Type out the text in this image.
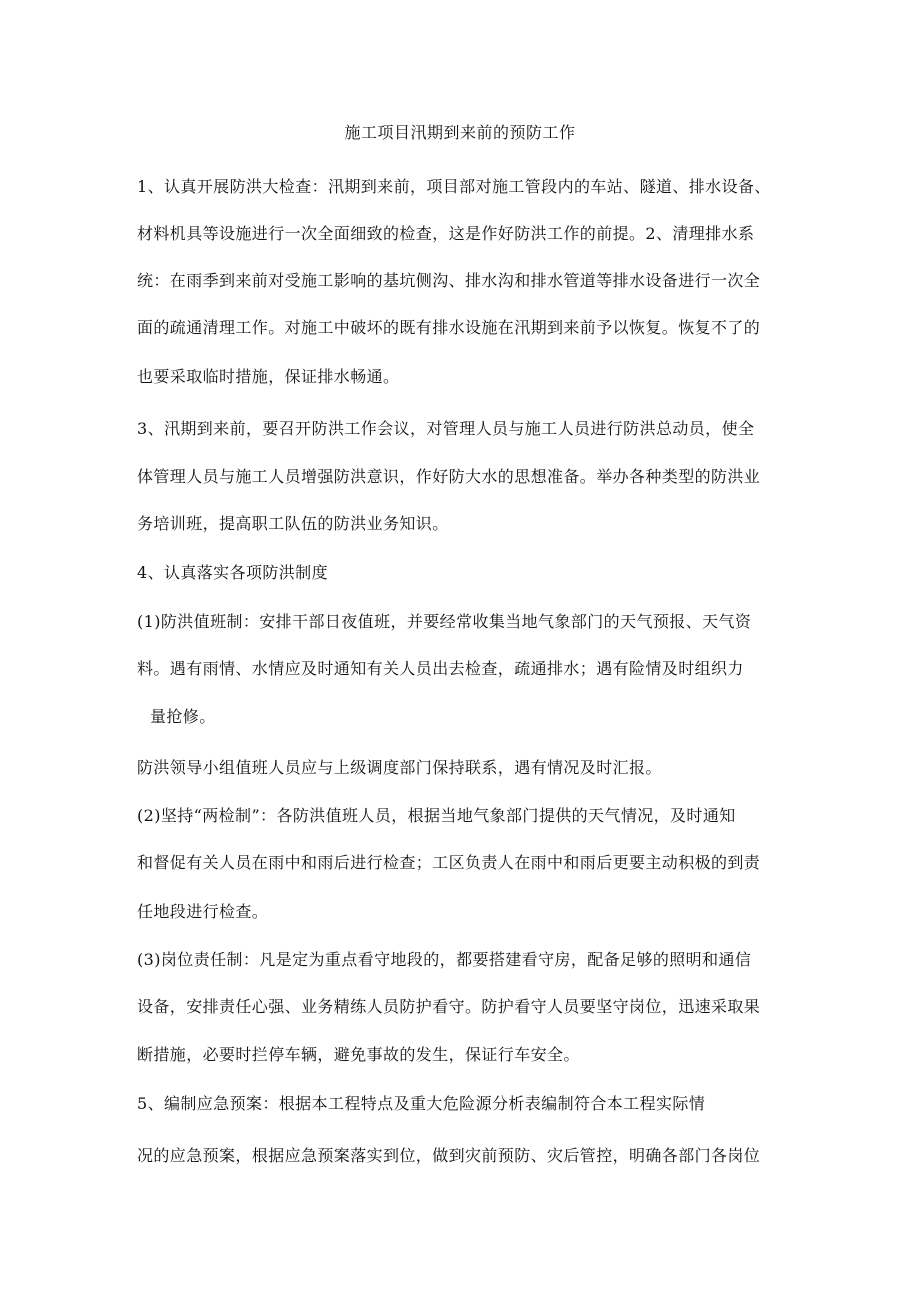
施工项目汛期到来前的预防工作
1、认真开展防洪大检查：汛期到来前，项目部对施工管段内的车站、隧道、排水设备、
材料机具等设施进行一次全面细致的检查，这是作好防洪工作的前提。2、清理排水系
统：在雨季到来前对受施工影响的基坑侧沟、排水沟和排水管道等排水设备进行一次全
面的疏通清理工作。对施工中破坏的既有排水设施在汛期到来前予以恢复。恢复不了的
也要采取临时措施，保证排水畅通。
3、汛期到来前，要召开防洪工作会议，对管理人员与施工人员进行防洪总动员，使全
体管理人员与施工人员增强防洪意识，作好防大水的思想准备。举办各种类型的防洪业
务培训班，提高职工队伍的防洪业务知识。
4、认真落实各项防洪制度
(1)防洪值班制：安排干部日夜值班，并要经常收集当地气象部门的天气预报、天气资
料。遇有雨情、水情应及时通知有关人员出去检查，疏通排水；遇有险情及时组织力
量抢修。
防洪领导小组值班人员应与上级调度部门保持联系，遇有情况及时汇报。
(2)坚持“两检制”：各防洪值班人员，根据当地气象部门提供的天气情况，及时通知
和督促有关人员在雨中和雨后进行检查；工区负责人在雨中和雨后更要主动积极的到责
任地段进行检查。
(3)岗位责任制：凡是定为重点看守地段的，都要搭建看守房，配备足够的照明和通信
设备，安排责任心强、业务精练人员防护看守。防护看守人员要坚守岗位，迅速采取果
断措施，必要时拦停车辆，避免事故的发生，保证行车安全。
5、编制应急预案：根据本工程特点及重大危险源分析表编制符合本工程实际情
况的应急预案，根据应急预案落实到位，做到灾前预防、灾后管控，明确各部门各岗位
